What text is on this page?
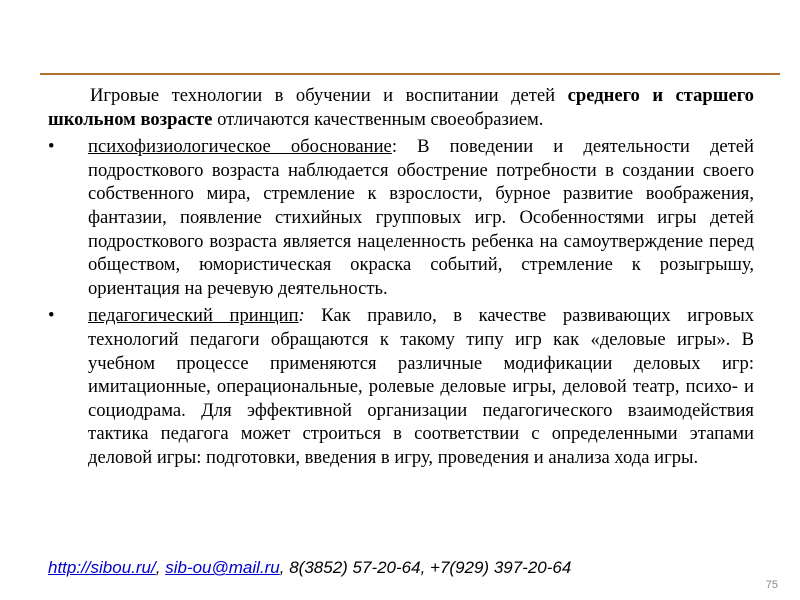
Игровые технологии в обучении и воспитании детей среднего и старшего школьном возрасте отличаются качественным своеобразием.

• психофизиологическое обоснование: В поведении и деятельности детей подросткового возраста наблюдается обострение потребности в создании своего собственного мира, стремление к взрослости, бурное развитие воображения, фантазии, появление стихийных групповых игр. Особенностями игры детей подросткового возраста является нацеленность ребенка на самоутверждение перед обществом, юмористическая окраска событий, стремление к розыгрышу, ориентация на речевую деятельность.

• педагогический принцип: Как правило, в качестве развивающих игровых технологий педагоги обращаются к такому типу игр как «деловые игры». В учебном процессе применяются различные модификации деловых игр: имитационные, операциональные, ролевые деловые игры, деловой театр, психо- и социодрама. Для эффективной организации педагогического взаимодействия тактика педагога может строиться в соответствии с определенными этапами деловой игры: подготовки, введения в игру, проведения и анализа хода игры.

http://sibou.ru/, sib-ou@mail.ru, 8(3852) 57-20-64, +7(929) 397-20-64
75
